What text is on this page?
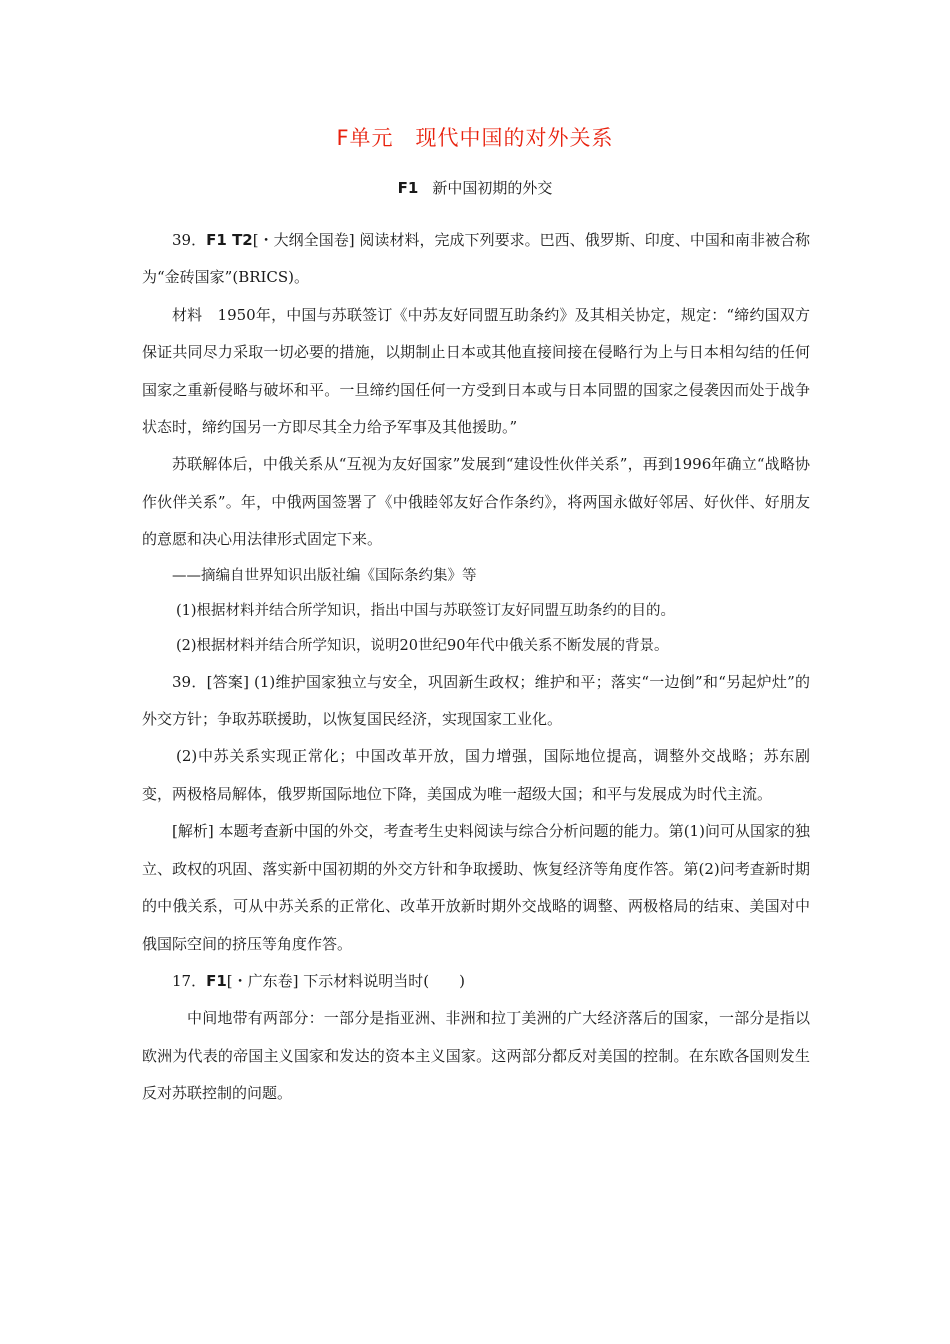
F单元　现代中国的对外关系
F1 新中国初期的外交

39．F1 T2[・大纲全国卷] 阅读材料，完成下列要求。巴西、俄罗斯、印度、中国和南非被合称为“金砖国家”(BRICS)。

材料　1950年，中国与苏联签订《中苏友好同盟互助条约》及其相关协定，规定：“缔约国双方保证共同尽力采取一切必要的措施，以期制止日本或其他直接间接在侵略行为上与日本相勾结的任何国家之重新侵略与破坏和平。一旦缔约国任何一方受到日本或与日本同盟的国家之侵袭因而处于战争状态时，缔约国另一方即尽其全力给予军事及其他援助。”

苏联解体后，中俄关系从“互视为友好国家”发展到“建设性伙伴关系”，再到1996年确立“战略协作伙伴关系”。年，中俄两国签署了《中俄睦邻友好合作条约》，将两国永做好邻居、好伙伴、好朋友的意愿和决心用法律形式固定下来。

——摘编自世界知识出版社编《国际条约集》等

(1)根据材料并结合所学知识，指出中国与苏联签订友好同盟互助条约的目的。

(2)根据材料并结合所学知识，说明20世纪90年代中俄关系不断发展的背景。

39．[答案] (1)维护国家独立与安全，巩固新生政权；维护和平；落实“一边倒”和“另起炉灶”的外交方针；争取苏联援助，以恢复国民经济，实现国家工业化。

(2)中苏关系实现正常化；中国改革开放，国力增强，国际地位提高，调整外交战略；苏东剧变，两极格局解体，俄罗斯国际地位下降，美国成为唯一超级大国；和平与发展成为时代主流。

[解析] 本题考查新中国的外交，考查考生史料阅读与综合分析问题的能力。第(1)问可从国家的独立、政权的巩固、落实新中国初期的外交方针和争取援助、恢复经济等角度作答。第(2)问考查新时期的中俄关系，可从中苏关系的正常化、改革开放新时期外交战略的调整、两极格局的结束、美国对中俄国际空间的挤压等角度作答。

17．F1[・广东卷] 下示材料说明当时(　　)

中间地带有两部分：一部分是指亚洲、非洲和拉丁美洲的广大经济落后的国家，一部分是指以欧洲为代表的帝国主义国家和发达的资本主义国家。这两部分都反对美国的控制。在东欧各国则发生反对苏联控制的问题。
